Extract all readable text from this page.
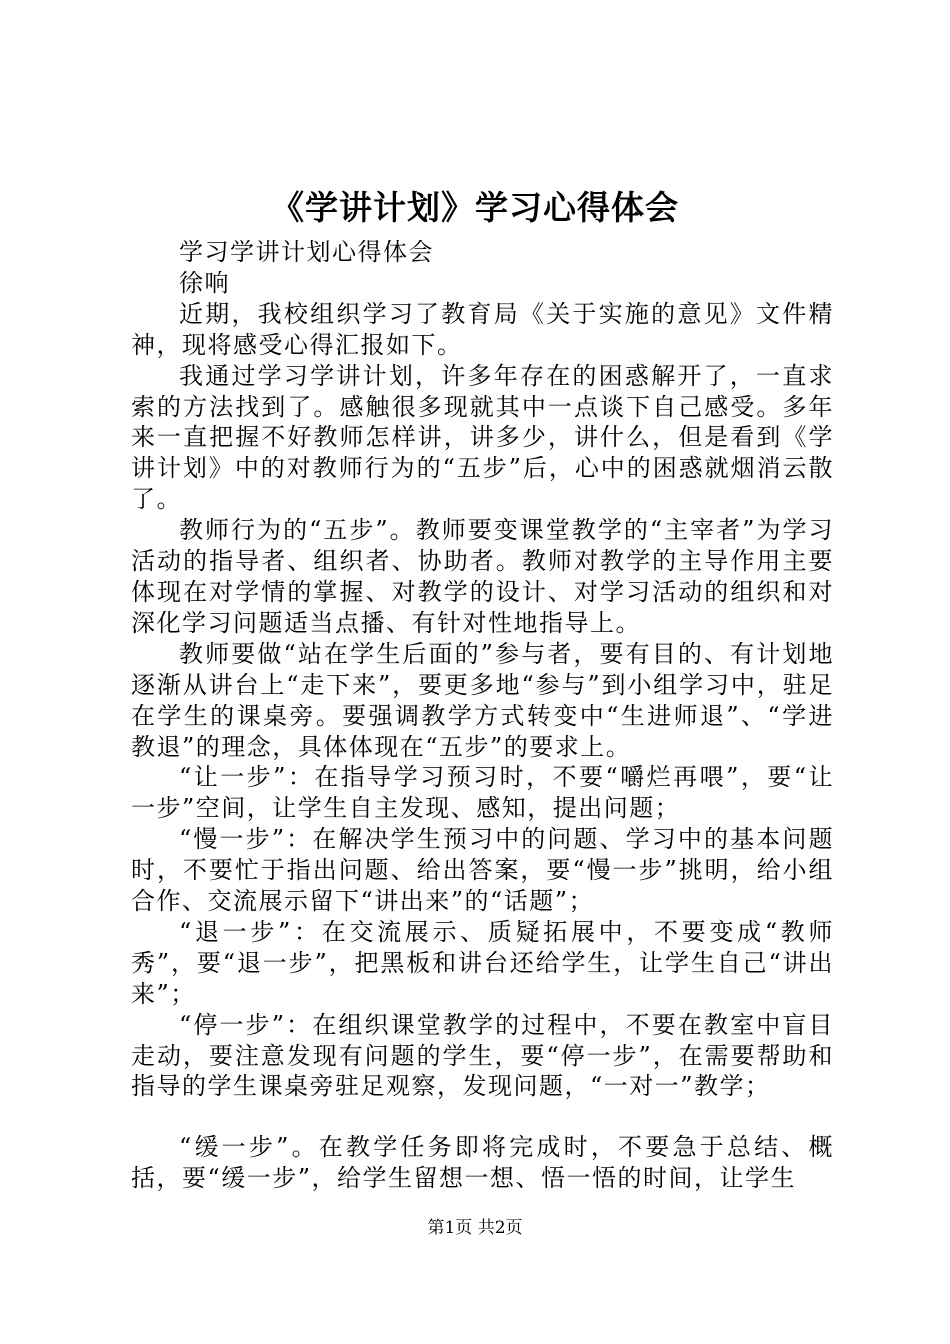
《学讲计划》学习心得体会

学习学讲计划心得体会

徐响

近期，我校组织学习了教育局《关于实施的意见》文件精神，现将感受心得汇报如下。

我通过学习学讲计划，许多年存在的困惑解开了，一直求索的方法找到了。感触很多现就其中一点谈下自己感受。多年来一直把握不好教师怎样讲，讲多少，讲什么，但是看到《学讲计划》中的对教师行为的“五步”后，心中的困惑就烟消云散了。

教师行为的“五步”。教师要变课堂教学的“主宰者”为学习活动的指导者、组织者、协助者。教师对教学的主导作用主要体现在对学情的掌握、对教学的设计、对学习活动的组织和对深化学习问题适当点播、有针对性地指导上。

教师要做“站在学生后面的”参与者，要有目的、有计划地逐渐从讲台上“走下来”，要更多地“参与”到小组学习中，驻足在学生的课桌旁。要强调教学方式转变中“生进师退”、“学进教退”的理念，具体体现在“五步”的要求上。

“让一步”：在指导学习预习时，不要“嚼烂再喂”，要“让一步”空间，让学生自主发现、感知，提出问题；

“慢一步”：在解决学生预习中的问题、学习中的基本问题时，不要忙于指出问题、给出答案，要“慢一步”挑明，给小组合作、交流展示留下“讲出来”的“话题”；

“退一步”：在交流展示、质疑拓展中，不要变成“教师秀”，要“退一步”，把黑板和讲台还给学生，让学生自己“讲出来”；

“停一步”：在组织课堂教学的过程中，不要在教室中盲目走动，要注意发现有问题的学生，要“停一步”，在需要帮助和指导的学生课桌旁驻足观察，发现问题，“一对一”教学；

“缓一步”。在教学任务即将完成时，不要急于总结、概括，要“缓一步”，给学生留想一想、悟一悟的时间，让学生

第1页 共2页
